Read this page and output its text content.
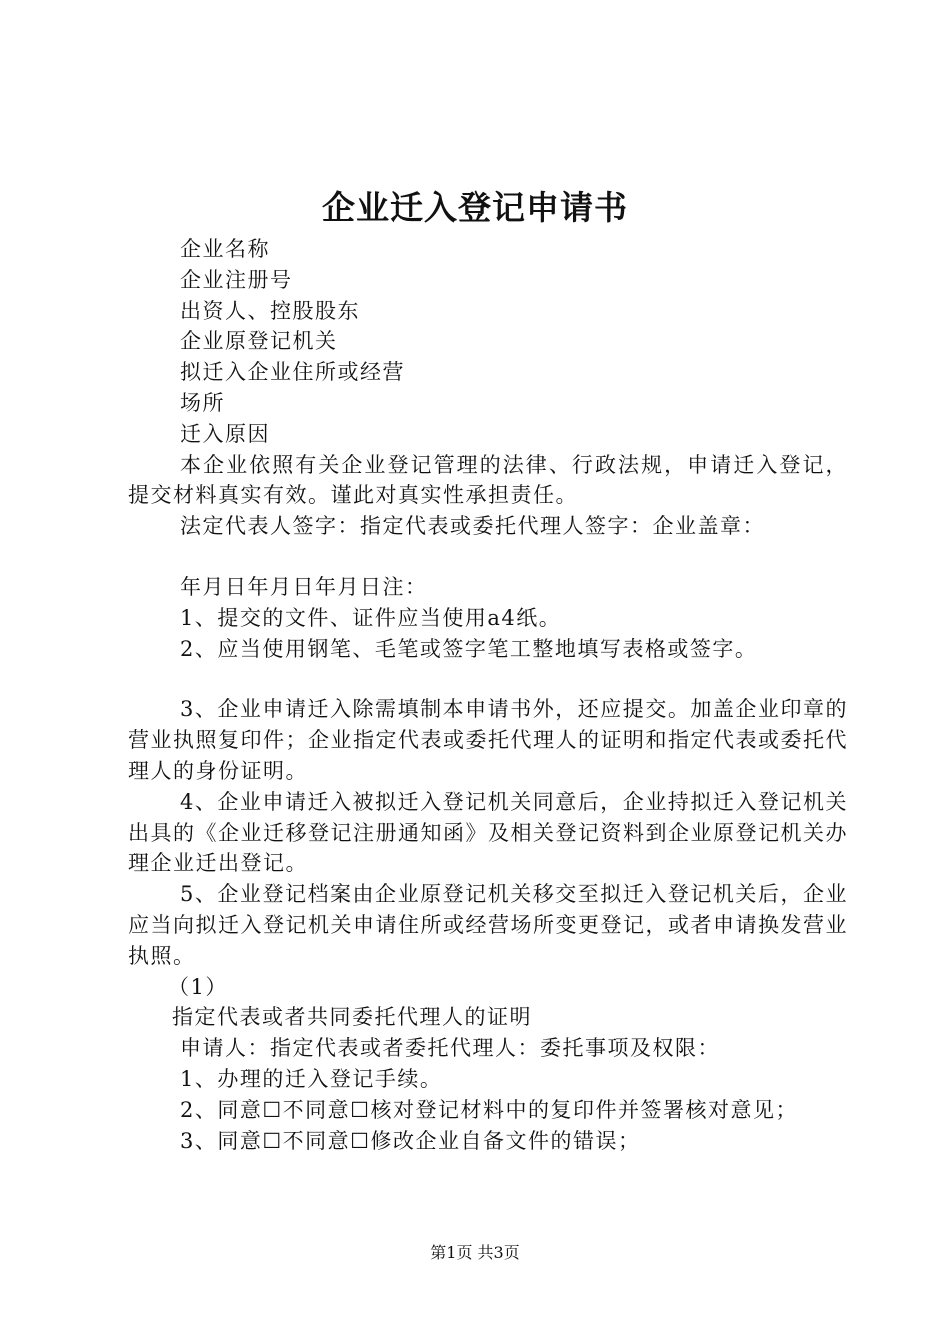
企业迁入登记申请书

企业名称

企业注册号

出资人、控股股东

企业原登记机关

拟迁入企业住所或经营

场所

迁入原因

本企业依照有关企业登记管理的法律、行政法规，申请迁入登记，提交材料真实有效。谨此对真实性承担责任。

法定代表人签字：指定代表或委托代理人签字：企业盖章：

年月日年月日年月日注：

1、提交的文件、证件应当使用a4纸。

2、应当使用钢笔、毛笔或签字笔工整地填写表格或签字。

3、企业申请迁入除需填制本申请书外，还应提交。加盖企业印章的营业执照复印件；企业指定代表或委托代理人的证明和指定代表或委托代理人的身份证明。

4、企业申请迁入被拟迁入登记机关同意后，企业持拟迁入登记机关出具的《企业迁移登记注册通知函》及相关登记资料到企业原登记机关办理企业迁出登记。

5、企业登记档案由企业原登记机关移交至拟迁入登记机关后，企业应当向拟迁入登记机关申请住所或经营场所变更登记，或者申请换发营业执照。

（1）

指定代表或者共同委托代理人的证明

申请人：指定代表或者委托代理人：委托事项及权限：

1、办理的迁入登记手续。

2、同意☐不同意☐核对登记材料中的复印件并签署核对意见；

3、同意☐不同意☐修改企业自备文件的错误；

第1页 共3页
